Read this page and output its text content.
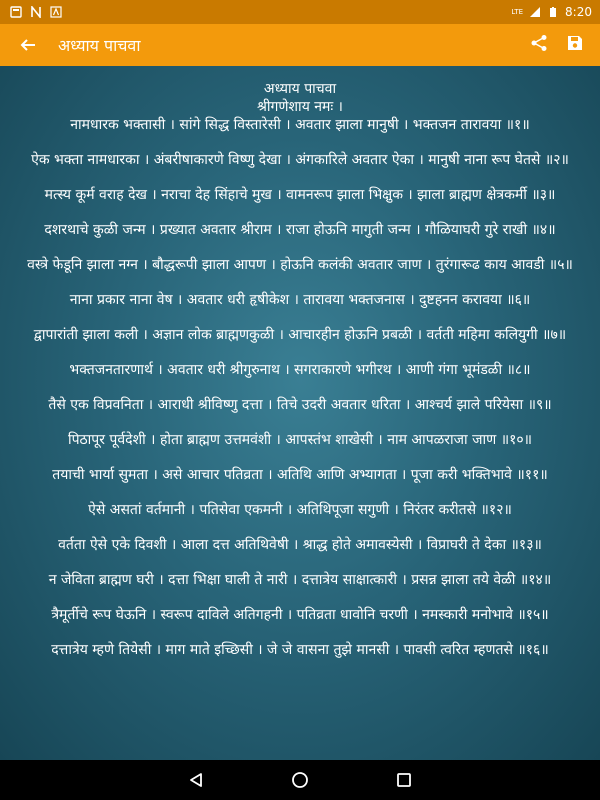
LTE	8:20
अध्याय पाचवा
अध्याय पाचवा
श्रीगणेशाय नमः ।
नामधारक भक्तासी । सांगे सिद्ध विस्तारेसी । अवतार झाला मानुषी । भक्तजन तारावया ॥१॥
ऐक भक्ता नामधारका । अंबरीषाकारणे विष्णु देखा । अंगकारिले अवतार ऐका । मानुषी नाना रूप घेतसे ॥२॥
मत्स्य कूर्म वराह देख । नराचा देह सिंहाचे मुख । वामनरूप झाला भिक्षुक । झाला ब्राह्मण क्षेत्रकर्मी ॥३॥
दशरथाचे कुळी जन्म । प्रख्यात अवतार श्रीराम । राजा होऊनि मागुती जन्म । गौळियाघरी गुरे राखी ॥४॥
वस्त्रे फेडूनि झाला नग्न । बौद्धरूपी झाला आपण । होऊनि कलंकी अवतार जाण । तुरंगारूढ काय आवडी ॥५॥
नाना प्रकार नाना वेष । अवतार धरी हृषीकेश । तारावया भक्तजनास । दुष्टहनन करावया ॥६॥
द्वापारांती झाला कली । अज्ञान लोक ब्राह्मणकुळी । आचारहीन होऊनि प्रबळी । वर्तती महिमा कलियुगी ॥७॥
भक्तजनतारणार्थ । अवतार धरी श्रीगुरुनाथ । सगराकारणे भगीरथ । आणी गंगा भूमंडळी ॥८॥
तैसे एक विप्रवनिता । आराधी श्रीविष्णु दत्ता । तिचे उदरी अवतार धरिता । आश्चर्य झाले परियेसा ॥९॥
पिठापूर पूर्वदेशी । होता ब्राह्मण उत्तमवंशी । आपस्तंभ शाखेसी । नाम आपळराजा जाण ॥१०॥
तयाची भार्या सुमता । असे आचार पतिव्रता । अतिथि आणि अभ्यागता । पूजा करी भक्तिभावे ॥११॥
ऐसे असतां वर्तमानी । पतिसेवा एकमनी । अतिथिपूजा सगुणी । निरंतर करीतसे ॥१२॥
वर्तता ऐसे एके दिवशी । आला दत्त अतिथिवेषी । श्राद्ध होते अमावस्येसी । विप्राघरी ते देका ॥१३॥
न जेविता ब्राह्मण घरी । दत्ता भिक्षा घाली ते नारी । दत्तात्रेय साक्षात्कारी । प्रसन्न झाला तये वेळी ॥१४॥
त्रैमूर्तीचे रूप घेऊनि । स्वरूप दाविले अतिगहनी । पतिव्रता धावोनि चरणी । नमस्कारी मनोभावे ॥१५॥
दत्तात्रेय म्हणे तियेसी । माग माते इच्छिसी । जे जे वासना तुझे मानसी । पावसी त्वरित म्हणतसे ॥१६॥
